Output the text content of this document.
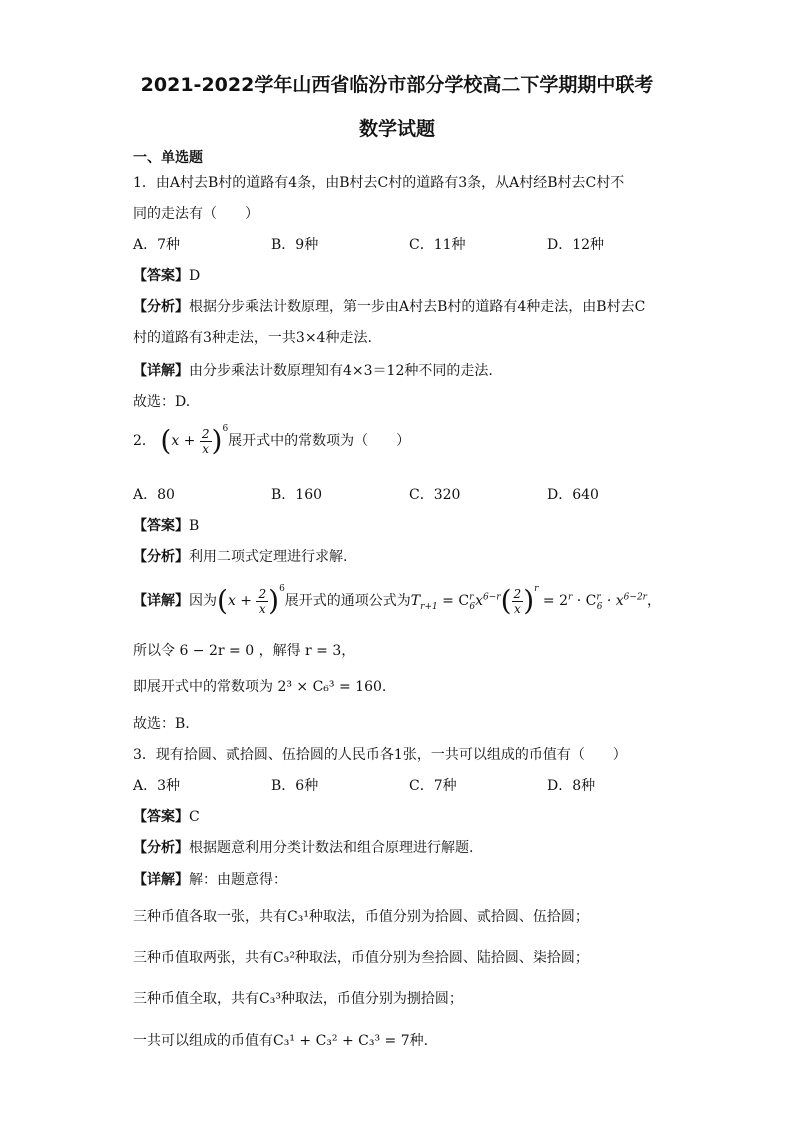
2021-2022学年山西省临汾市部分学校高二下学期期中联考
数学试题
一、单选题
1．由A村去B村的道路有4条，由B村去C村的道路有3条，从A村经B村去C村不
同的走法有（　　）
A．7种	B．9种	C．11种	D．12种
【答案】D
【分析】根据分步乘法计数原理，第一步由A村去B村的道路有4种走法，由B村去C
村的道路有3种走法，一共3×4种走法.
【详解】由分步乘法计数原理知有4×3＝12种不同的走法.
故选：D.
2． $(x + \frac{2}{x} )^6$展开式中的常数项为（　　）
A．80	B．160	C．320	D．640
【答案】B
【分析】利用二项式定理进行求解.
【详解】因为$(x + \frac{2}{x} )^6$展开式的通项公式为$T_{r+1} = C^r_6x^{6-r}( \frac{2}{x} )^r = 2^r \cdot C^r_6 \cdot x^{6-2r}$，
所以令 6 − 2r = 0 ，解得 r = 3，
即展开式中的常数项为 2³ × C₆³ = 160.
故选：B.
3．现有拾圆、贰拾圆、伍拾圆的人民币各1张，一共可以组成的币值有（　　）
A．3种	B．6种	C．7种	D．8种
【答案】C
【分析】根据题意利用分类计数法和组合原理进行解题.
【详解】解：由题意得：
三种币值各取一张，共有C₃¹种取法，币值分别为拾圆、贰拾圆、伍拾圆；
三种币值取两张，共有C₃²种取法，币值分别为叁拾圆、陆拾圆、柒拾圆；
三种币值全取，共有C₃³种取法，币值分别为捌拾圆；
一共可以组成的币值有C₃¹ + C₃² + C₃³ = 7种.
